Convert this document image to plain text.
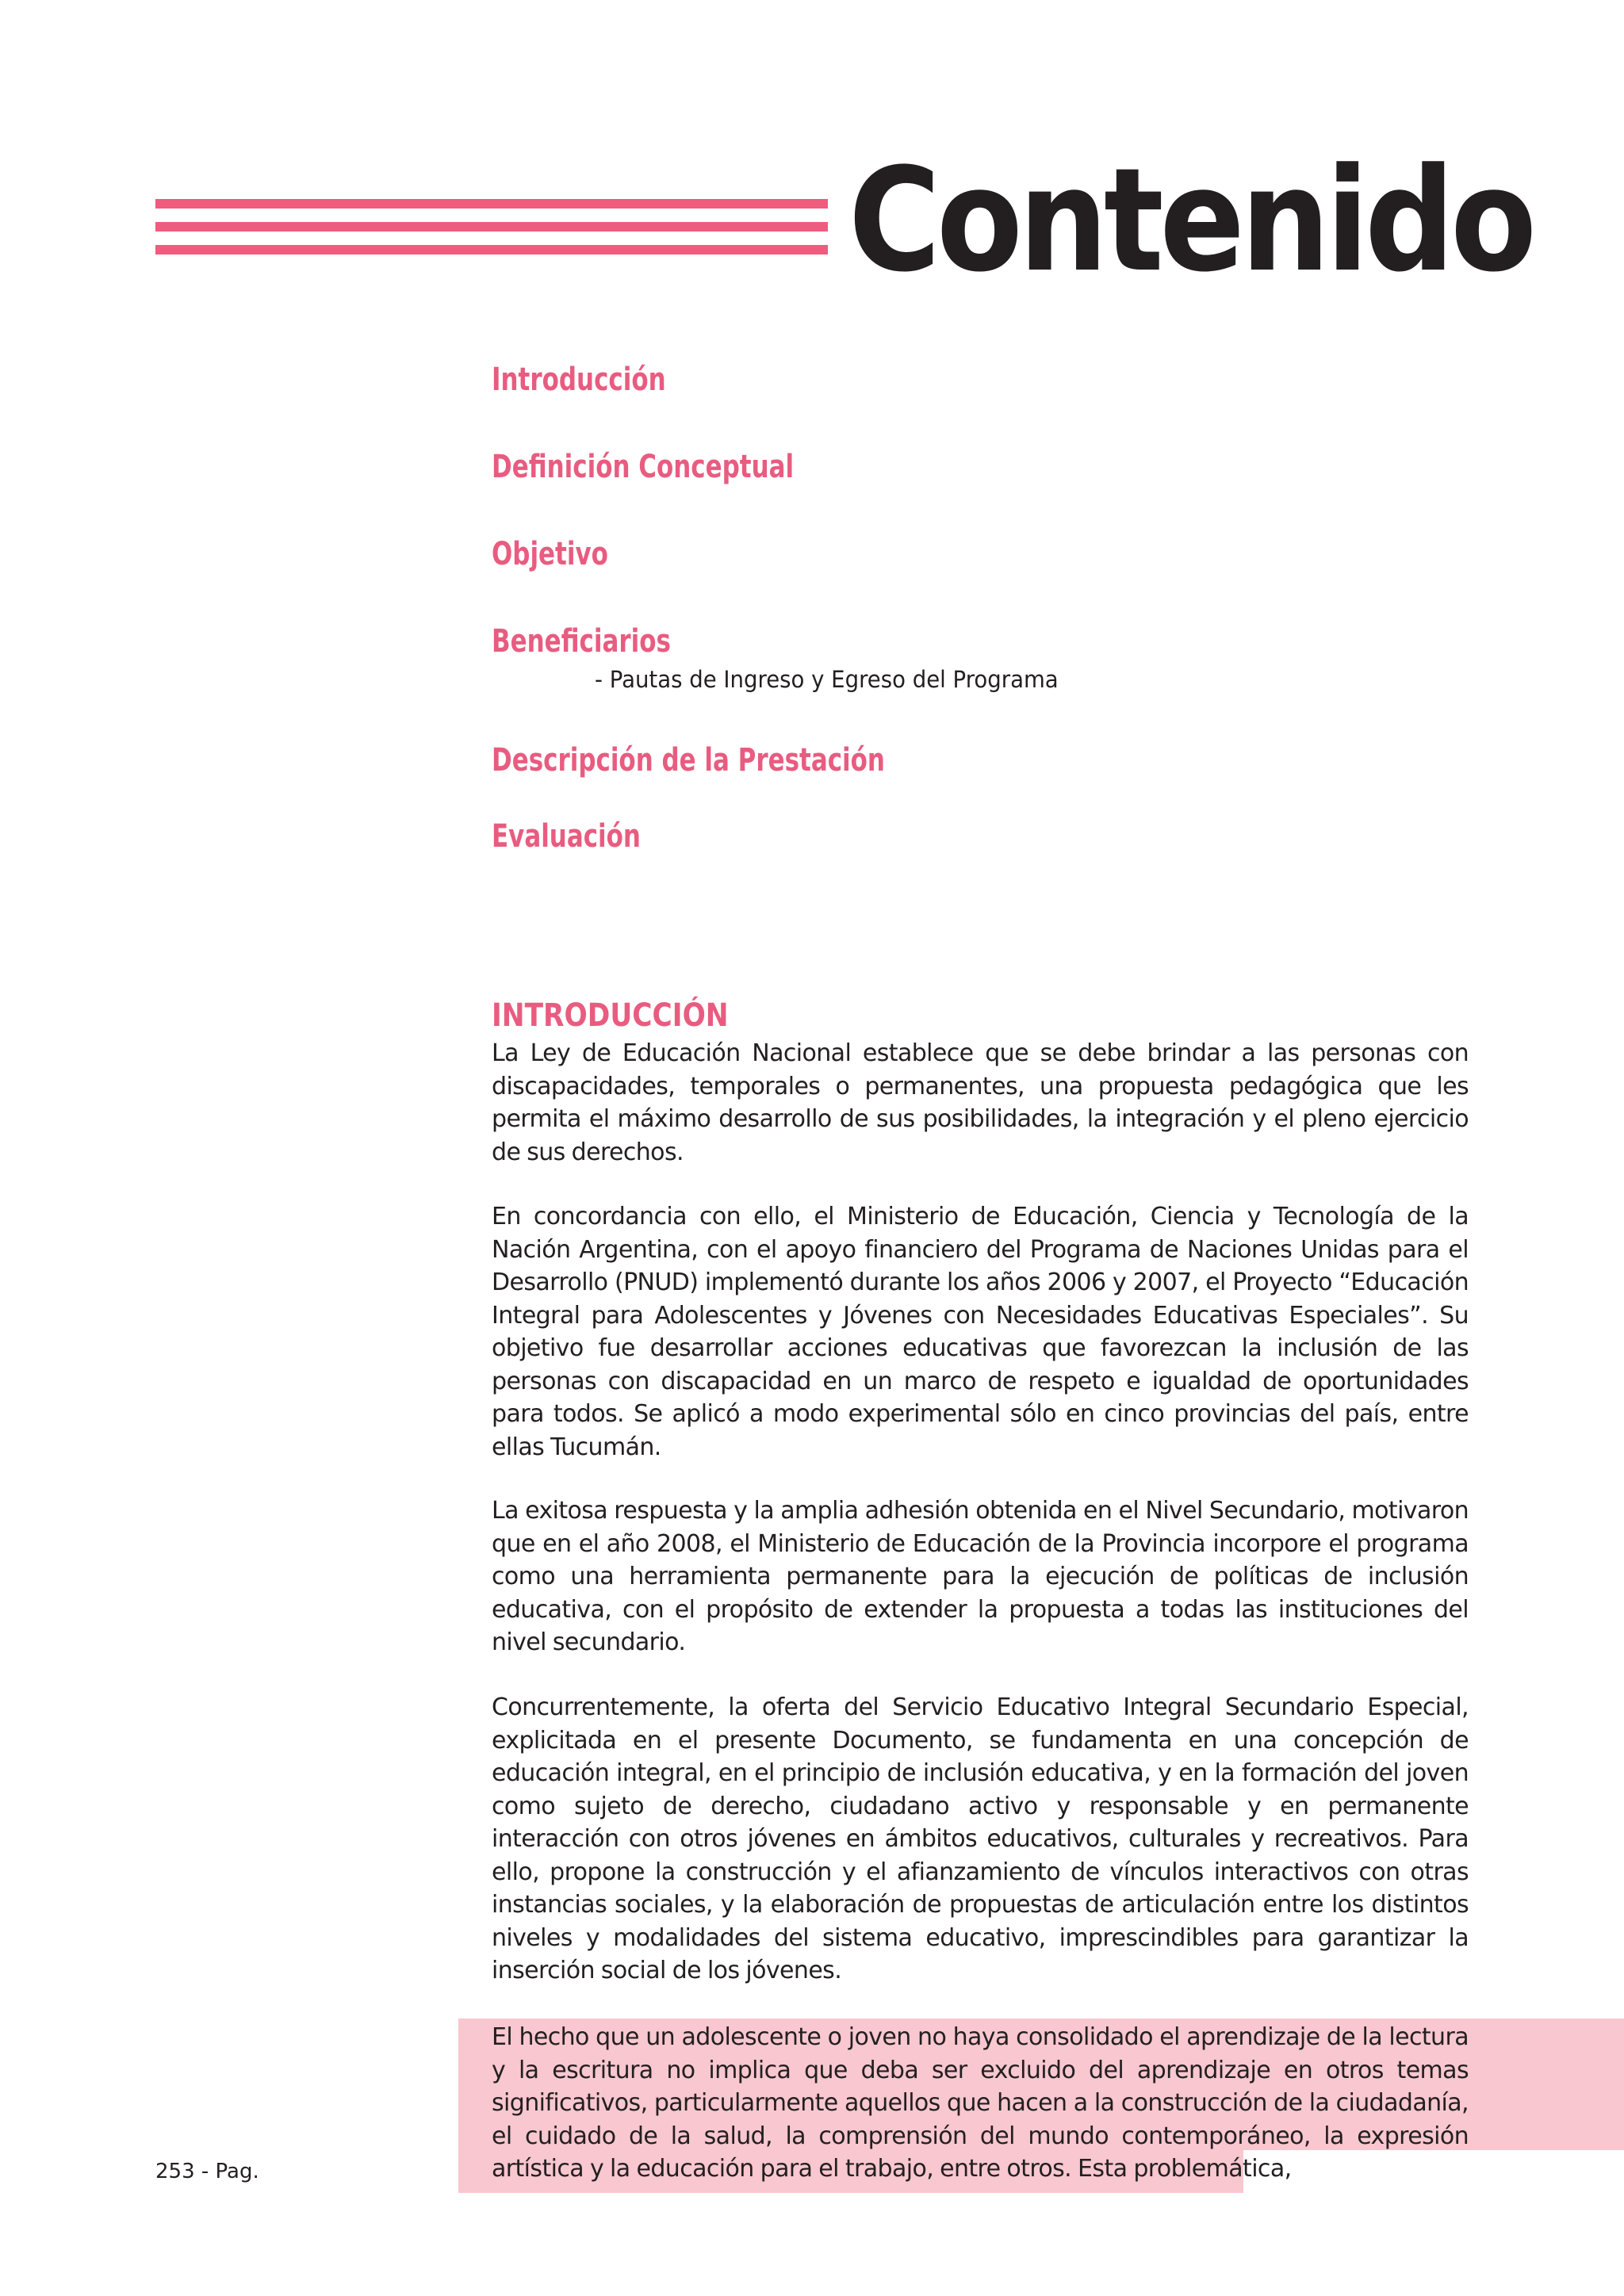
Contenido
Introducción
Definición Conceptual
Objetivo
Beneficiarios
- Pautas de Ingreso y Egreso del Programa
Descripción de la Prestación
Evaluación
INTRODUCCIÓN

La Ley de Educación Nacional establece que se debe brindar a las personas con discapacidades, temporales o permanentes, una propuesta pedagógica que les permita el máximo desarrollo de sus posibilidades, la integración y el pleno ejercicio de sus derechos.

En concordancia con ello, el Ministerio de Educación, Ciencia y Tecnología de la Nación Argentina, con el apoyo financiero del Programa de Naciones Unidas para el Desarrollo (PNUD) implementó durante los años 2006 y 2007, el Proyecto “Educación Integral para Adolescentes y Jóvenes con Necesidades Educativas Especiales”. Su objetivo fue desarrollar acciones educativas que favorezcan la inclusión de las personas con discapacidad en un marco de respeto e igualdad de oportunidades para todos. Se aplicó a modo experimental sólo en cinco provincias del país, entre ellas Tucumán.

La exitosa respuesta y la amplia adhesión obtenida en el Nivel Secundario, motivaron que en el año 2008, el Ministerio de Educación de la Provincia incorpore el programa como una herramienta permanente para la ejecución de políticas de inclusión educativa, con el propósito de extender la propuesta a todas las instituciones del nivel secundario.

Concurrentemente, la oferta del Servicio Educativo Integral Secundario Especial, explicitada en el presente Documento, se fundamenta en una concepción de educación integral, en el principio de inclusión educativa, y en la formación del joven como sujeto de derecho, ciudadano activo y responsable y en permanente interacción con otros jóvenes en ámbitos educativos, culturales y recreativos. Para ello, propone la construcción y el afianzamiento de vínculos interactivos con otras instancias sociales, y la elaboración de propuestas de articulación entre los distintos niveles y modalidades del sistema educativo, imprescindibles para garantizar la inserción social de los jóvenes.

El hecho que un adolescente o joven no haya consolidado el aprendizaje de la lectura y la escritura no implica que deba ser excluido del aprendizaje en otros temas significativos, particularmente aquellos que hacen a la construcción de la ciudadanía, el cuidado de la salud, la comprensión del mundo contemporáneo, la expresión artística y la educación para el trabajo, entre otros. Esta problemática,

253 - Pag.
